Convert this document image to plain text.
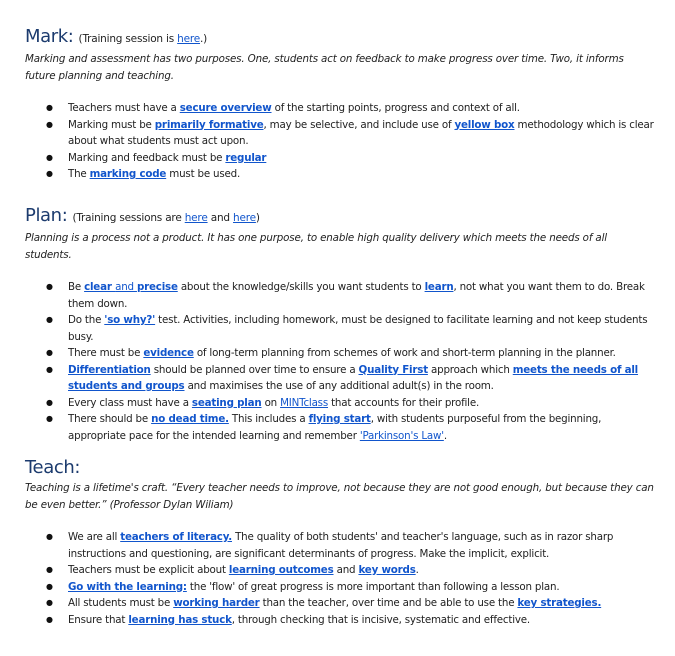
Mark: (Training session is here.)

Marking and assessment has two purposes. One, students act on feedback to make progress over time. Two, it informs future planning and teaching.

● Teachers must have a secure overview of the starting points, progress and context of all.
● Marking must be primarily formative, may be selective, and include use of yellow box methodology which is clear about what students must act upon.
● Marking and feedback must be regular
● The marking code must be used.
Plan: (Training sessions are here and here)

Planning is a process not a product. It has one purpose, to enable high quality delivery which meets the needs of all students.

● Be clear and precise about the knowledge/skills you want students to learn, not what you want them to do. Break them down.
● Do the 'so why?' test. Activities, including homework, must be designed to facilitate learning and not keep students busy.
● There must be evidence of long-term planning from schemes of work and short-term planning in the planner.
● Differentiation should be planned over time to ensure a Quality First approach which meets the needs of all students and groups and maximises the use of any additional adult(s) in the room.
● Every class must have a seating plan on MINTclass that accounts for their profile.
● There should be no dead time. This includes a flying start, with students purposeful from the beginning, appropriate pace for the intended learning and remember 'Parkinson's Law'.
Teach:

Teaching is a lifetime's craft. “Every teacher needs to improve, not because they are not good enough, but because they can be even better.” (Professor Dylan Wiliam)

● We are all teachers of literacy. The quality of both students' and teacher's language, such as in razor sharp instructions and questioning, are significant determinants of progress. Make the implicit, explicit.
● Teachers must be explicit about learning outcomes and key words.
● Go with the learning: the 'flow' of great progress is more important than following a lesson plan.
● All students must be working harder than the teacher, over time and be able to use the key strategies.
● Ensure that learning has stuck, through checking that is incisive, systematic and effective.
